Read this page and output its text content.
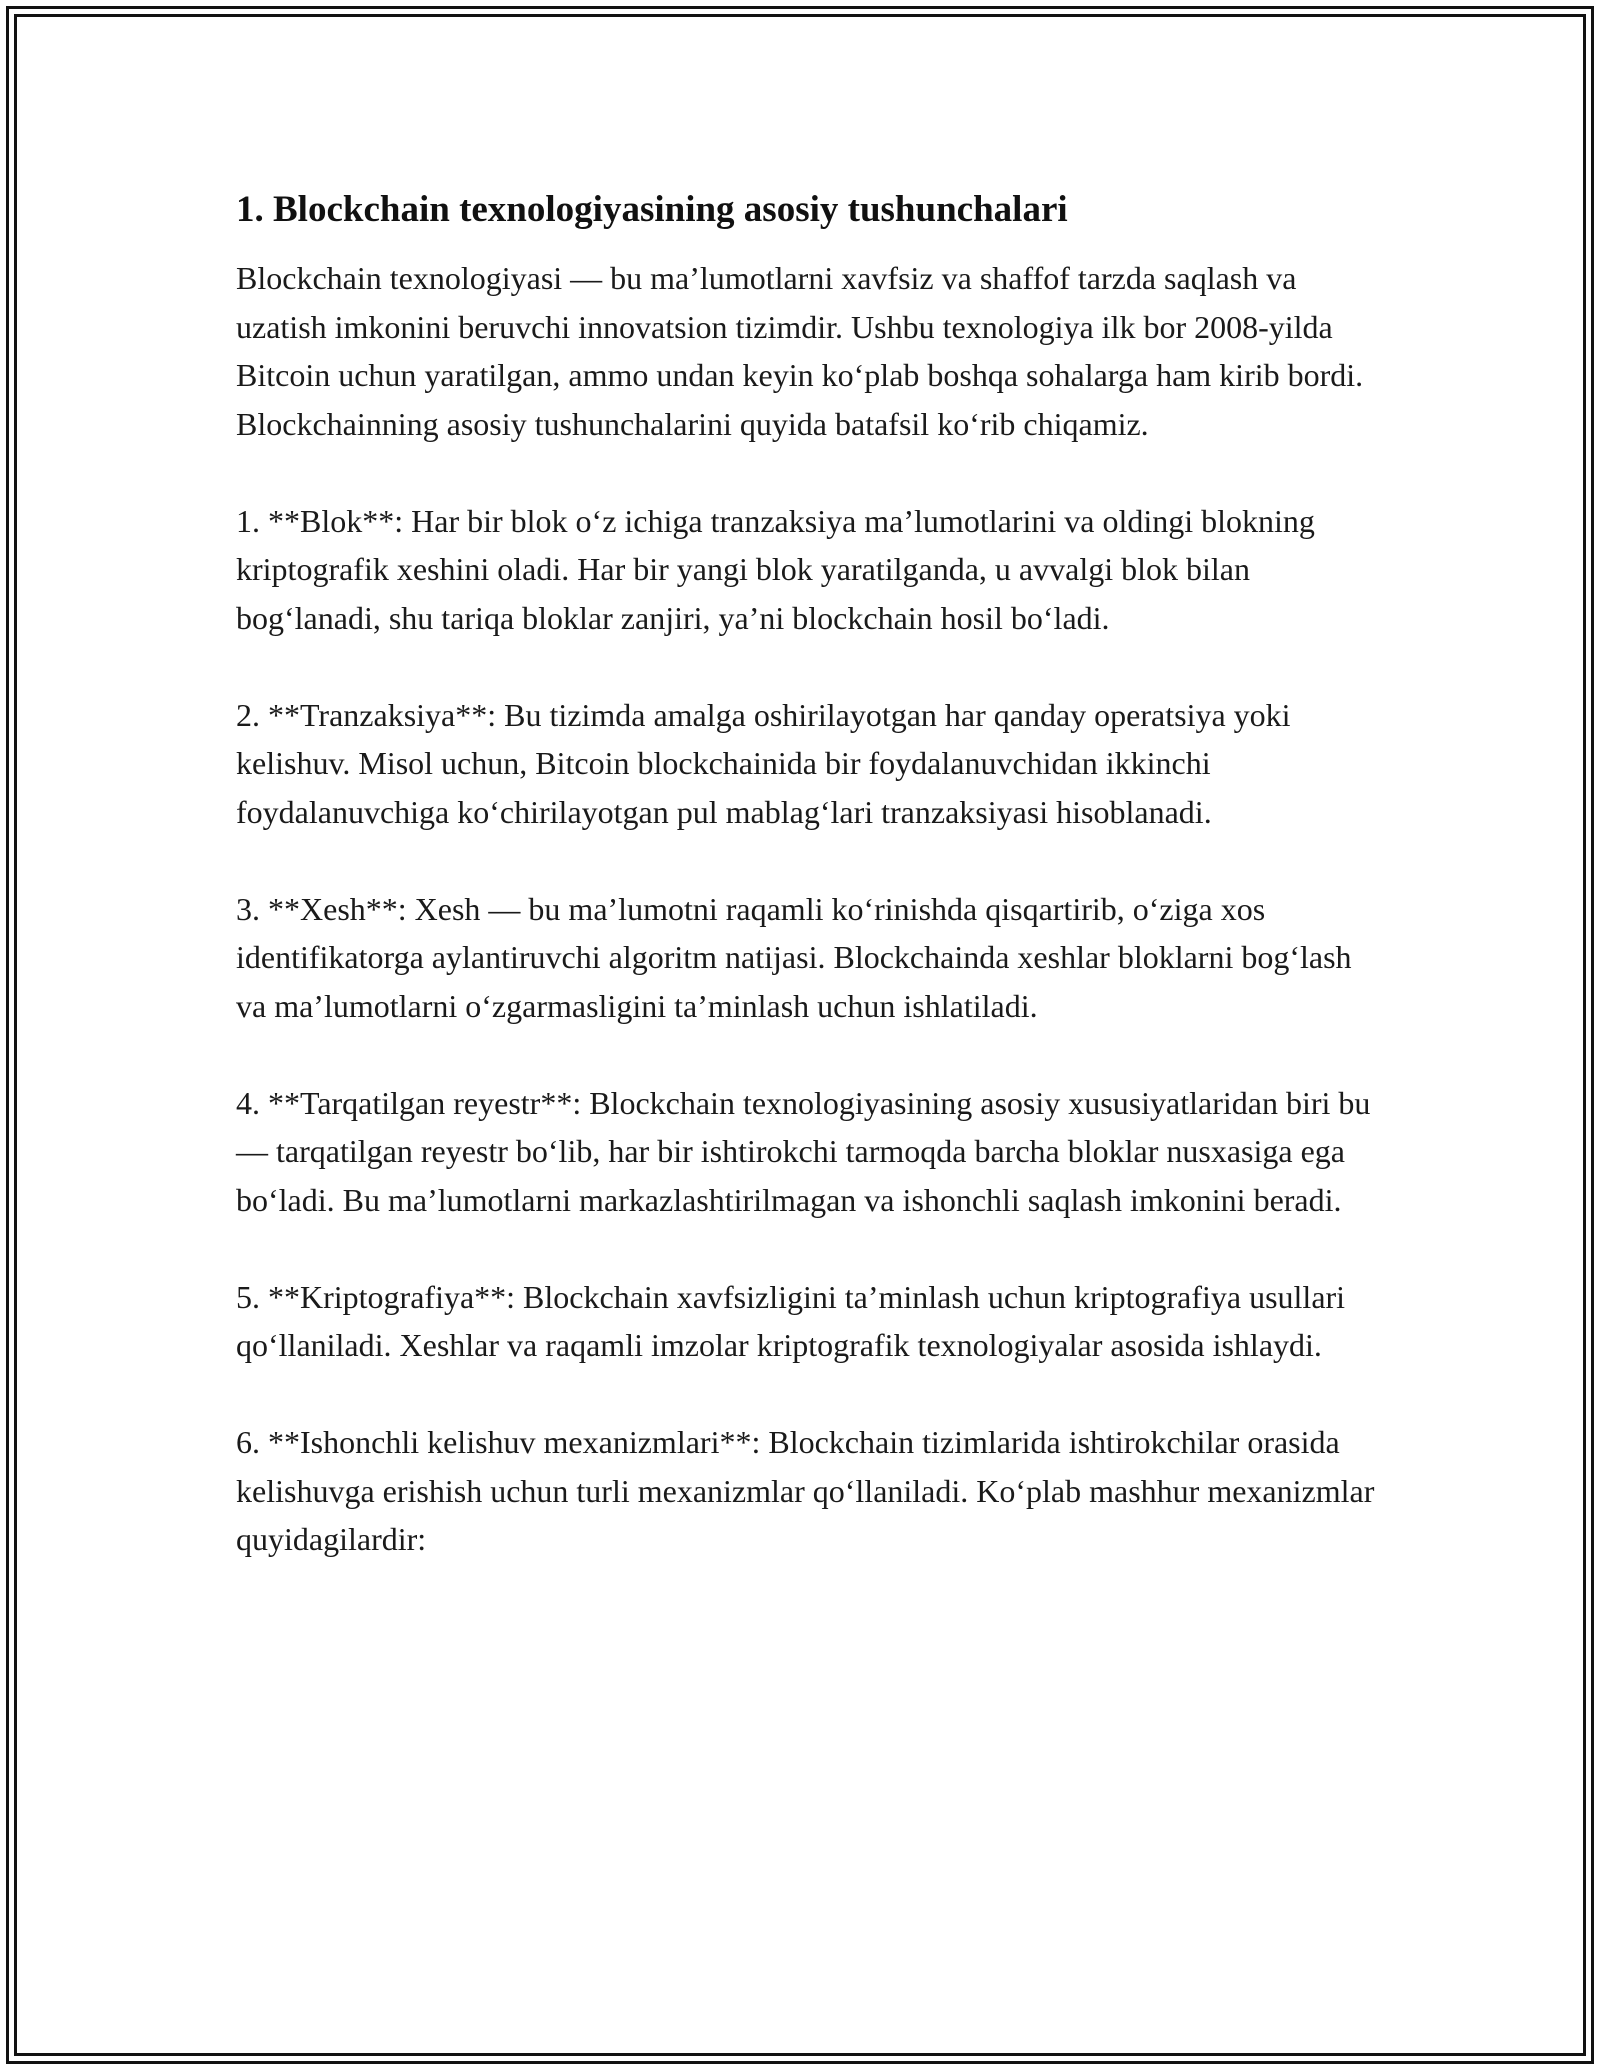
1. Blockchain texnologiyasining asosiy tushunchalari

Blockchain texnologiyasi — bu ma’lumotlarni xavfsiz va shaffof tarzda saqlash va uzatish imkonini beruvchi innovatsion tizimdir. Ushbu texnologiya ilk bor 2008-yilda Bitcoin uchun yaratilgan, ammo undan keyin ko‘plab boshqa sohalarga ham kirib bordi. Blockchainning asosiy tushunchalarini quyida batafsil ko‘rib chiqamiz.

1. **Blok**: Har bir blok o‘z ichiga tranzaksiya ma’lumotlarini va oldingi blokning kriptografik xeshini oladi. Har bir yangi blok yaratilganda, u avvalgi blok bilan bog‘lanadi, shu tariqa bloklar zanjiri, ya’ni blockchain hosil bo‘ladi.

2. **Tranzaksiya**: Bu tizimda amalga oshirilayotgan har qanday operatsiya yoki kelishuv. Misol uchun, Bitcoin blockchainida bir foydalanuvchidan ikkinchi foydalanuvchiga ko‘chirilayotgan pul mablag‘lari tranzaksiyasi hisoblanadi.

3. **Xesh**: Xesh — bu ma’lumotni raqamli ko‘rinishda qisqartirib, o‘ziga xos identifikatorga aylantiruvchi algoritm natijasi. Blockchainda xeshlar bloklarni bog‘lash va ma’lumotlarni o‘zgarmasligini ta’minlash uchun ishlatiladi.

4. **Tarqatilgan reyestr**: Blockchain texnologiyasining asosiy xususiyatlaridan biri bu — tarqatilgan reyestr bo‘lib, har bir ishtirokchi tarmoqda barcha bloklar nusxasiga ega bo‘ladi. Bu ma’lumotlarni markazlashtirilmagan va ishonchli saqlash imkonini beradi.

5. **Kriptografiya**: Blockchain xavfsizligini ta’minlash uchun kriptografiya usullari qo‘llaniladi. Xeshlar va raqamli imzolar kriptografik texnologiyalar asosida ishlaydi.

6. **Ishonchli kelishuv mexanizmlari**: Blockchain tizimlarida ishtirokchilar orasida kelishuvga erishish uchun turli mexanizmlar qo‘llaniladi. Ko‘plab mashhur mexanizmlar quyidagilardir:
